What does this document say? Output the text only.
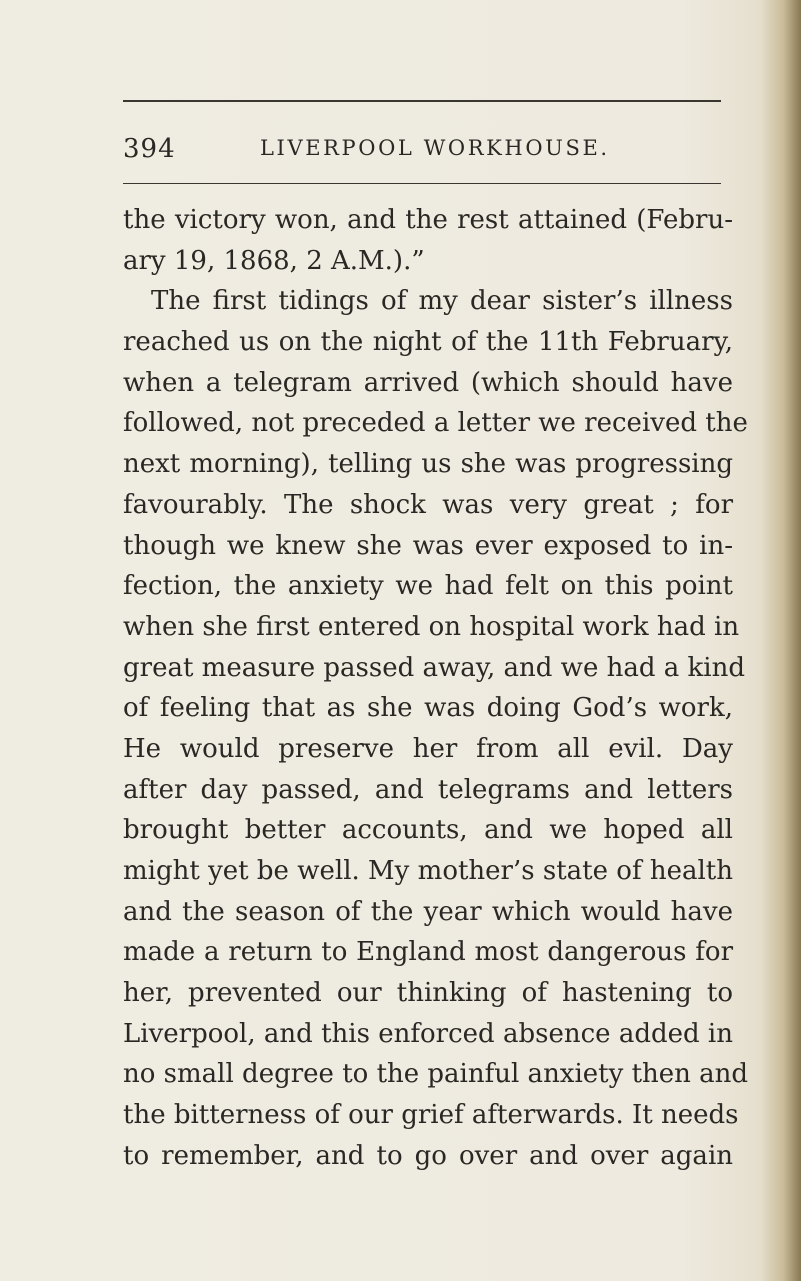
394	LIVERPOOL WORKHOUSE.
the victory won, and the rest attained (Febru-
ary 19, 1868, 2 A.M.).”
The first tidings of my dear sister’s illness
reached us on the night of the 11th February,
when a telegram arrived (which should have
followed, not preceded a letter we received the
next morning), telling us she was progressing
favourably. The shock was very great ; for
though we knew she was ever exposed to in-
fection, the anxiety we had felt on this point
when she first entered on hospital work had in
great measure passed away, and we had a kind
of feeling that as she was doing God’s work,
He would preserve her from all evil. Day
after day passed, and telegrams and letters
brought better accounts, and we hoped all
might yet be well. My mother’s state of health
and the season of the year which would have
made a return to England most dangerous for
her, prevented our thinking of hastening to
Liverpool, and this enforced absence added in
no small degree to the painful anxiety then and
the bitterness of our grief afterwards. It needs
to remember, and to go over and over again
